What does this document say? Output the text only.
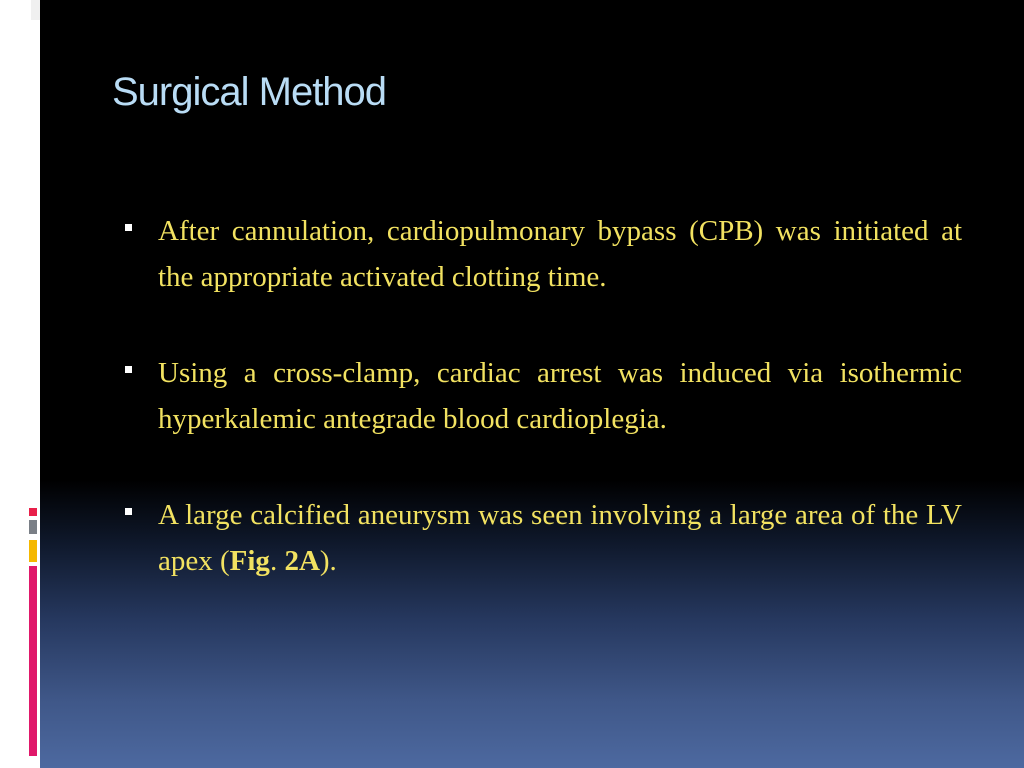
Surgical Method
After cannulation, cardiopulmonary bypass (CPB) was initiated at the appropriate activated clotting time.
Using a cross-clamp, cardiac arrest was induced via isothermic hyperkalemic antegrade blood cardioplegia.
A large calcified aneurysm was seen involving a large area of the LV apex (Fig. 2A).
